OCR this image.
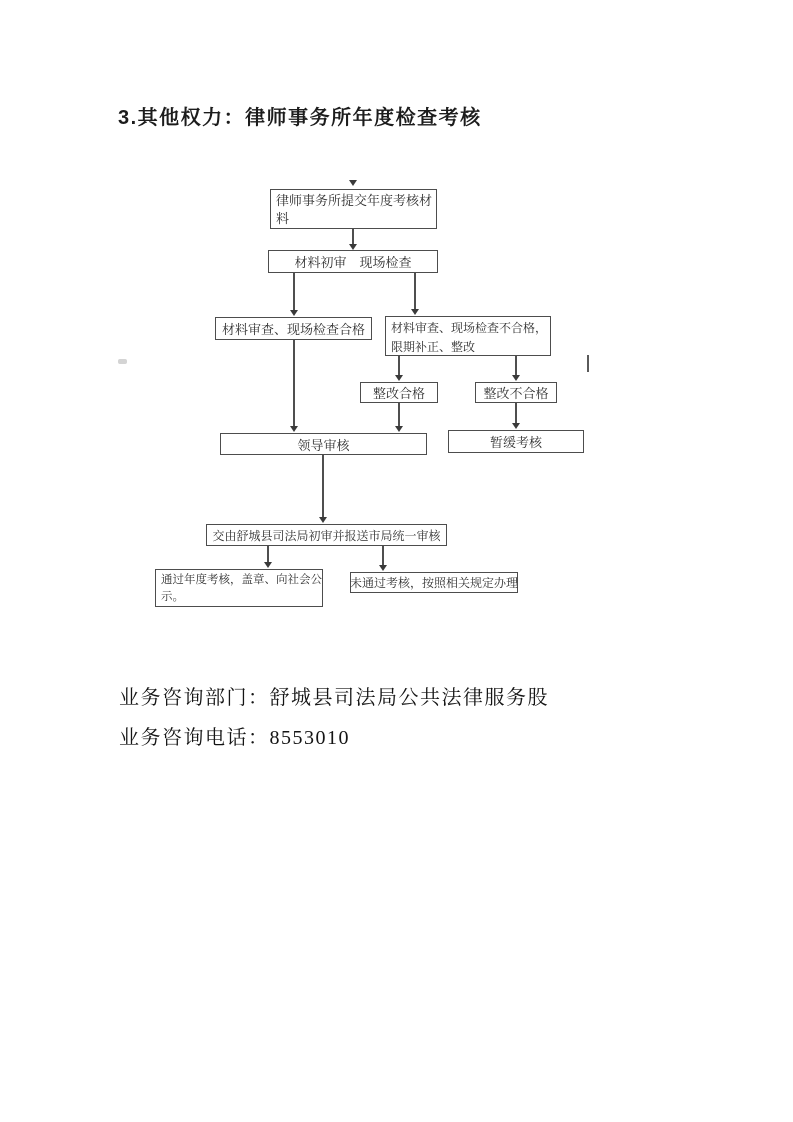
3.其他权力：律师事务所年度检查考核
律师事务所提交年度考核材
料
材料初审　现场检查
材料审查、现场检查合格	材料审查、现场检查不合格，
限期补正、整改
整改合格	整改不合格
领导审核	暂缓考核
交由舒城县司法局初审并报送市局统一审核
通过年度考核，盖章、向社会公
示。
未通过考核，按照相关规定办理
业务咨询部门：舒城县司法局公共法律服务股
业务咨询电话：8553010
